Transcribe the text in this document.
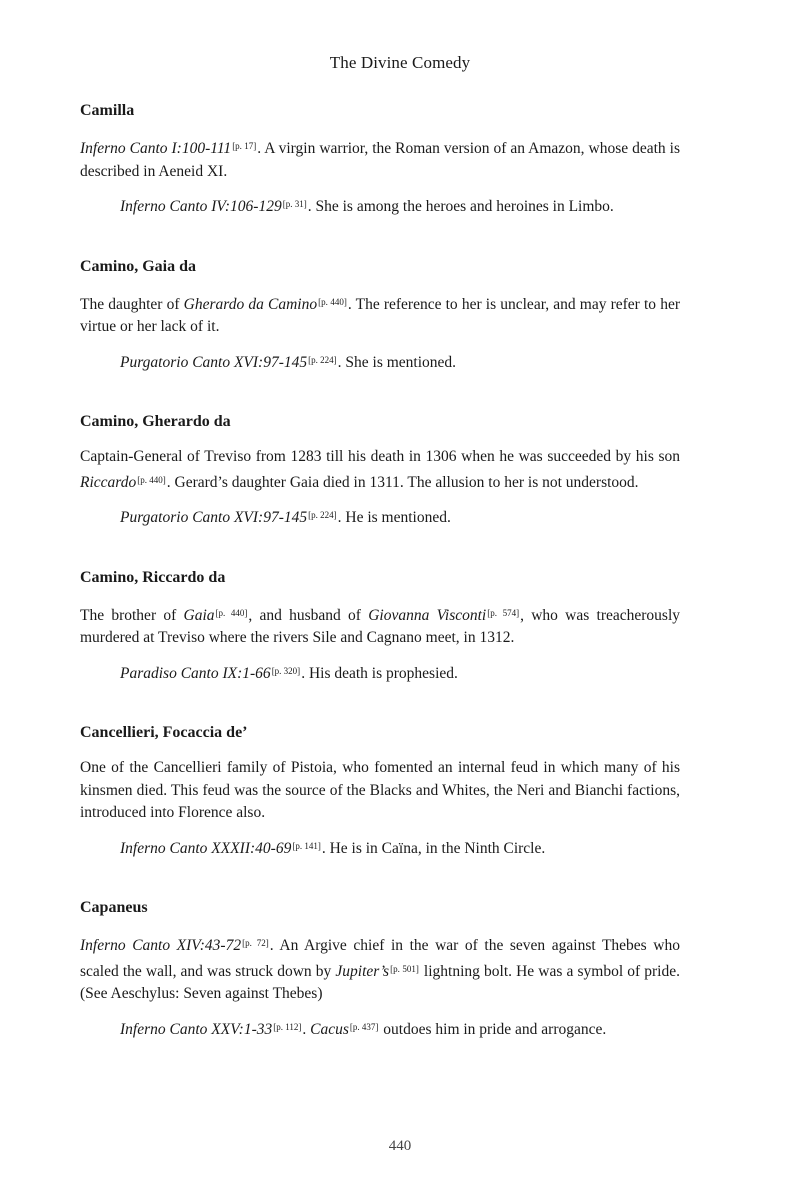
The Divine Comedy
Camilla

Inferno Canto I:100-111[p. 17]. A virgin warrior, the Roman version of an Amazon, whose death is described in Aeneid XI.

Inferno Canto IV:106-129[p. 31]. She is among the heroes and heroines in Limbo.

Camino, Gaia da

The daughter of Gherardo da Camino[p. 440]. The reference to her is unclear, and may refer to her virtue or her lack of it.

Purgatorio Canto XVI:97-145[p. 224]. She is mentioned.

Camino, Gherardo da

Captain-General of Treviso from 1283 till his death in 1306 when he was succeeded by his son Riccardo[p. 440]. Gerard’s daughter Gaia died in 1311. The allusion to her is not understood.

Purgatorio Canto XVI:97-145[p. 224]. He is mentioned.

Camino, Riccardo da

The brother of Gaia[p. 440], and husband of Giovanna Visconti[p. 574], who was treacherously murdered at Treviso where the rivers Sile and Cagnano meet, in 1312.

Paradiso Canto IX:1-66[p. 320]. His death is prophesied.

Cancellieri, Focaccia de’

One of the Cancellieri family of Pistoia, who fomented an internal feud in which many of his kinsmen died. This feud was the source of the Blacks and Whites, the Neri and Bianchi factions, introduced into Florence also.

Inferno Canto XXXII:40-69[p. 141]. He is in Caïna, in the Ninth Circle.

Capaneus

Inferno Canto XIV:43-72[p. 72]. An Argive chief in the war of the seven against Thebes who scaled the wall, and was struck down by Jupiter’s[p. 501] lightning bolt. He was a symbol of pride. (See Aeschylus: Seven against Thebes)

Inferno Canto XXV:1-33[p. 112]. Cacus[p. 437] outdoes him in pride and arrogance.

440
